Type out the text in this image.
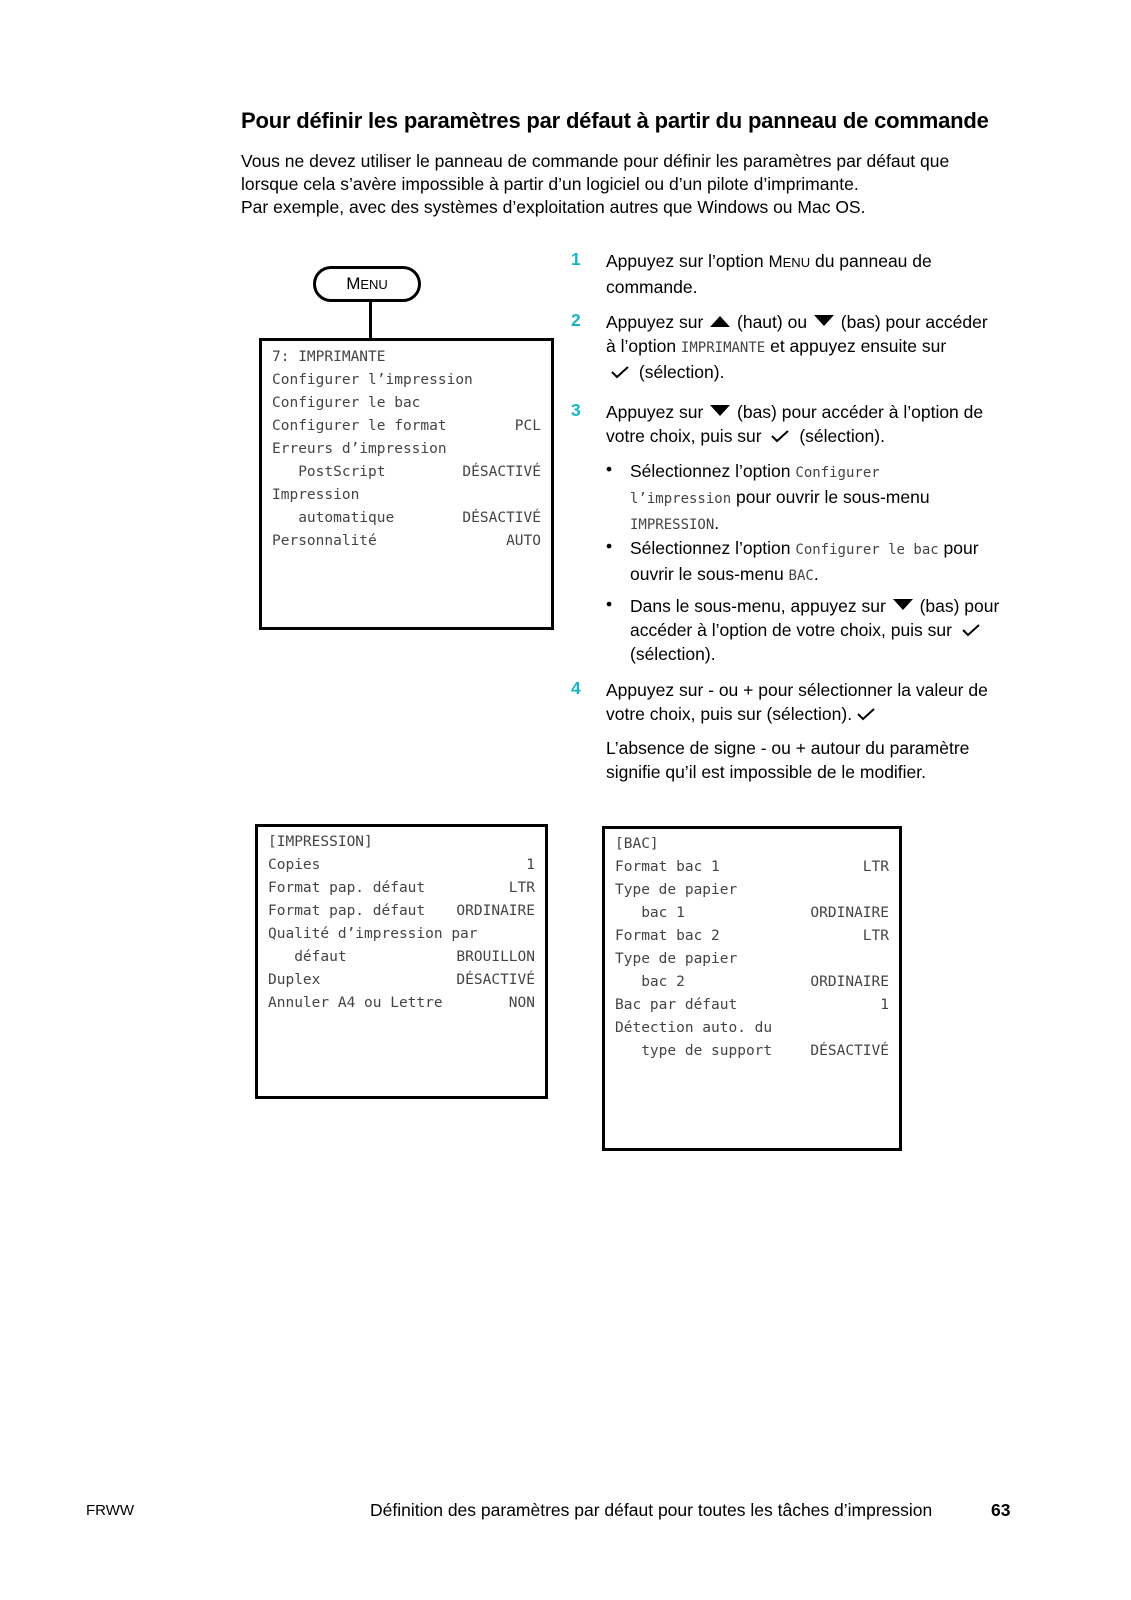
Pour définir les paramètres par défaut à partir du panneau de commande
Vous ne devez utiliser le panneau de commande pour définir les paramètres par défaut que
lorsque cela s’avère impossible à partir d’un logiciel ou d’un pilote d’imprimante.
Par exemple, avec des systèmes d’exploitation autres que Windows ou Mac OS.
M ENU
7: IMPRIMANTE
Configurer l’impression
Configurer le bac
Configurer le format	PCL
Erreurs d’impression
PostScript	DÉSACTIVÉ
Impression
automatique	DÉSACTIVÉ
Personnalité	AUTO
[IMPRESSION]
Copies	1
Format pap. défaut	LTR
Format pap. défaut ORDINAIRE
Qualité d’impression par
défaut	BROUILLON
Duplex	DÉSACTIVÉ
Annuler A4 ou Lettre	NON
[BAC]
Format bac 1	LTR
Type de papier
bac 1	ORDINAIRE
Format bac 2	LTR
Type de papier
bac 2	ORDINAIRE
Bac par défaut	1
Détection auto. du
type de support	DÉSACTIVÉ
1 Appuyez sur l’option MENU du panneau de
commande.
2 Appuyez sur  (haut) ou  (bas) pour accéder
à l’option IMPRIMANTE et appuyez ensuite sur
(sélection).
3 Appuyez sur  (bas) pour accéder à l’option de
votre choix, puis sur  (sélection).
• Sélectionnez l’option Configurer
l’impression pour ouvrir le sous-menu
IMPRESSION.
• Sélectionnez l’option Configurer le bac pour
ouvrir le sous-menu BAC.
• Dans le sous-menu, appuyez sur  (bas) pour
accéder à l’option de votre choix, puis sur
(sélection).
4 Appuyez sur - ou + pour sélectionner la valeur de
votre choix, puis sur (sélection).
L’absence de signe - ou + autour du paramètre
signifie qu’il est impossible de le modifier.
FRWW	Définition des paramètres par défaut pour toutes les tâches d’impression	63
